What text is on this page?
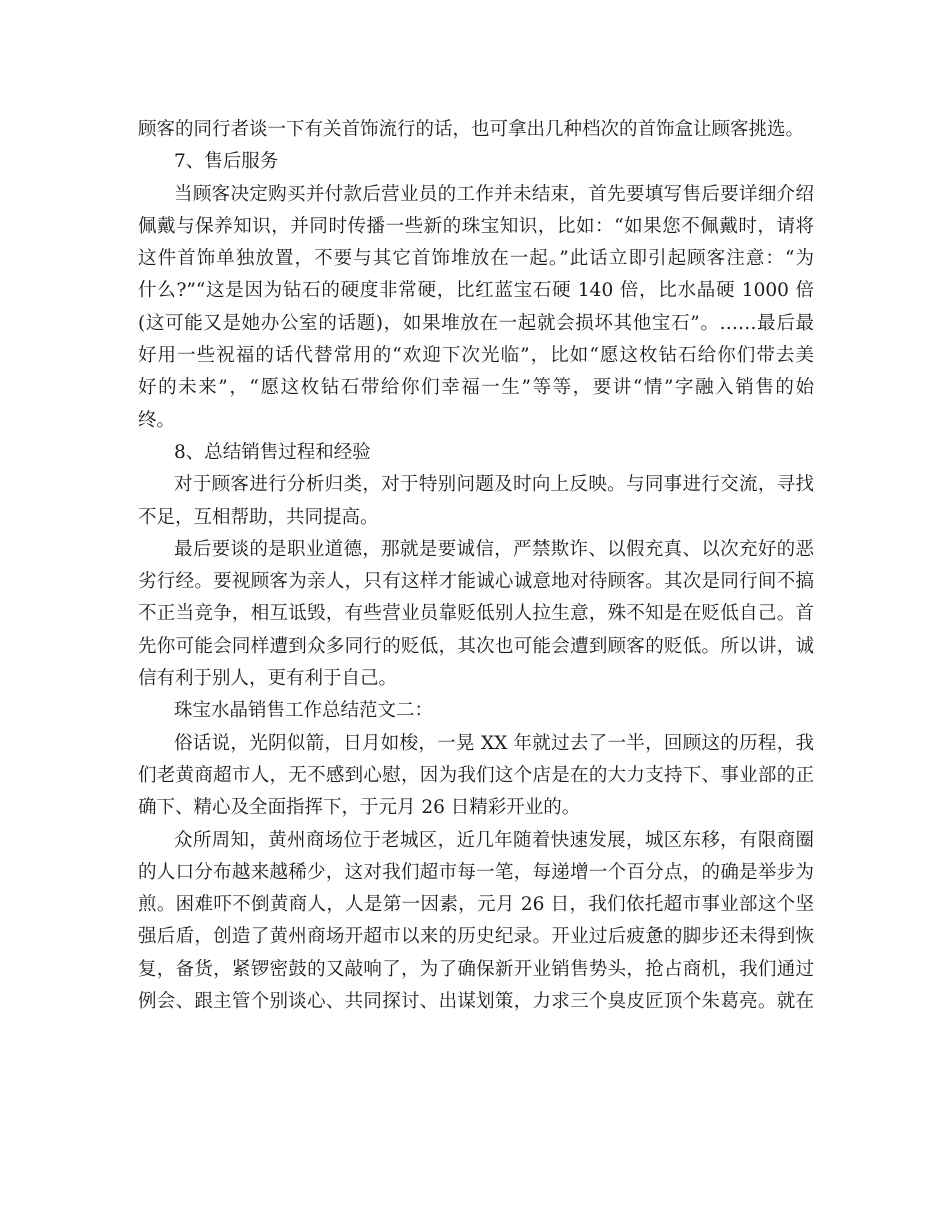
顾客的同行者谈一下有关首饰流行的话，也可拿出几种档次的首饰盒让顾客挑选。
7、售后服务
当顾客决定购买并付款后营业员的工作并未结束，首先要填写售后要详细介绍
佩戴与保养知识，并同时传播一些新的珠宝知识，比如：“如果您不佩戴时，请将
这件首饰单独放置，不要与其它首饰堆放在一起。”此话立即引起顾客注意：“为
什么?”“这是因为钻石的硬度非常硬，比红蓝宝石硬 140 倍，比水晶硬 1000 倍
(这可能又是她办公室的话题)，如果堆放在一起就会损坏其他宝石”。……最后最
好用一些祝福的话代替常用的“欢迎下次光临”，比如“愿这枚钻石给你们带去美
好的未来”，“愿这枚钻石带给你们幸福一生”等等，要讲“情”字融入销售的始
终。
8、总结销售过程和经验
对于顾客进行分析归类，对于特别问题及时向上反映。与同事进行交流，寻找
不足，互相帮助，共同提高。
最后要谈的是职业道德，那就是要诚信，严禁欺诈、以假充真、以次充好的恶
劣行经。要视顾客为亲人，只有这样才能诚心诚意地对待顾客。其次是同行间不搞
不正当竞争，相互诋毁，有些营业员靠贬低别人拉生意，殊不知是在贬低自己。首
先你可能会同样遭到众多同行的贬低，其次也可能会遭到顾客的贬低。所以讲，诚
信有利于别人，更有利于自己。
珠宝水晶销售工作总结范文二：
俗话说，光阴似箭，日月如梭，一晃 XX 年就过去了一半，回顾这的历程，我
们老黄商超市人，无不感到心慰，因为我们这个店是在的大力支持下、事业部的正
确下、精心及全面指挥下，于元月 26 日精彩开业的。
众所周知，黄州商场位于老城区，近几年随着快速发展，城区东移，有限商圈
的人口分布越来越稀少，这对我们超市每一笔，每递增一个百分点，的确是举步为
煎。困难吓不倒黄商人，人是第一因素，元月 26 日，我们依托超市事业部这个坚
强后盾，创造了黄州商场开超市以来的历史纪录。开业过后疲惫的脚步还未得到恢
复，备货，紧锣密鼓的又敲响了，为了确保新开业销售势头，抢占商机，我们通过
例会、跟主管个别谈心、共同探讨、出谋划策，力求三个臭皮匠顶个朱葛亮。就在
